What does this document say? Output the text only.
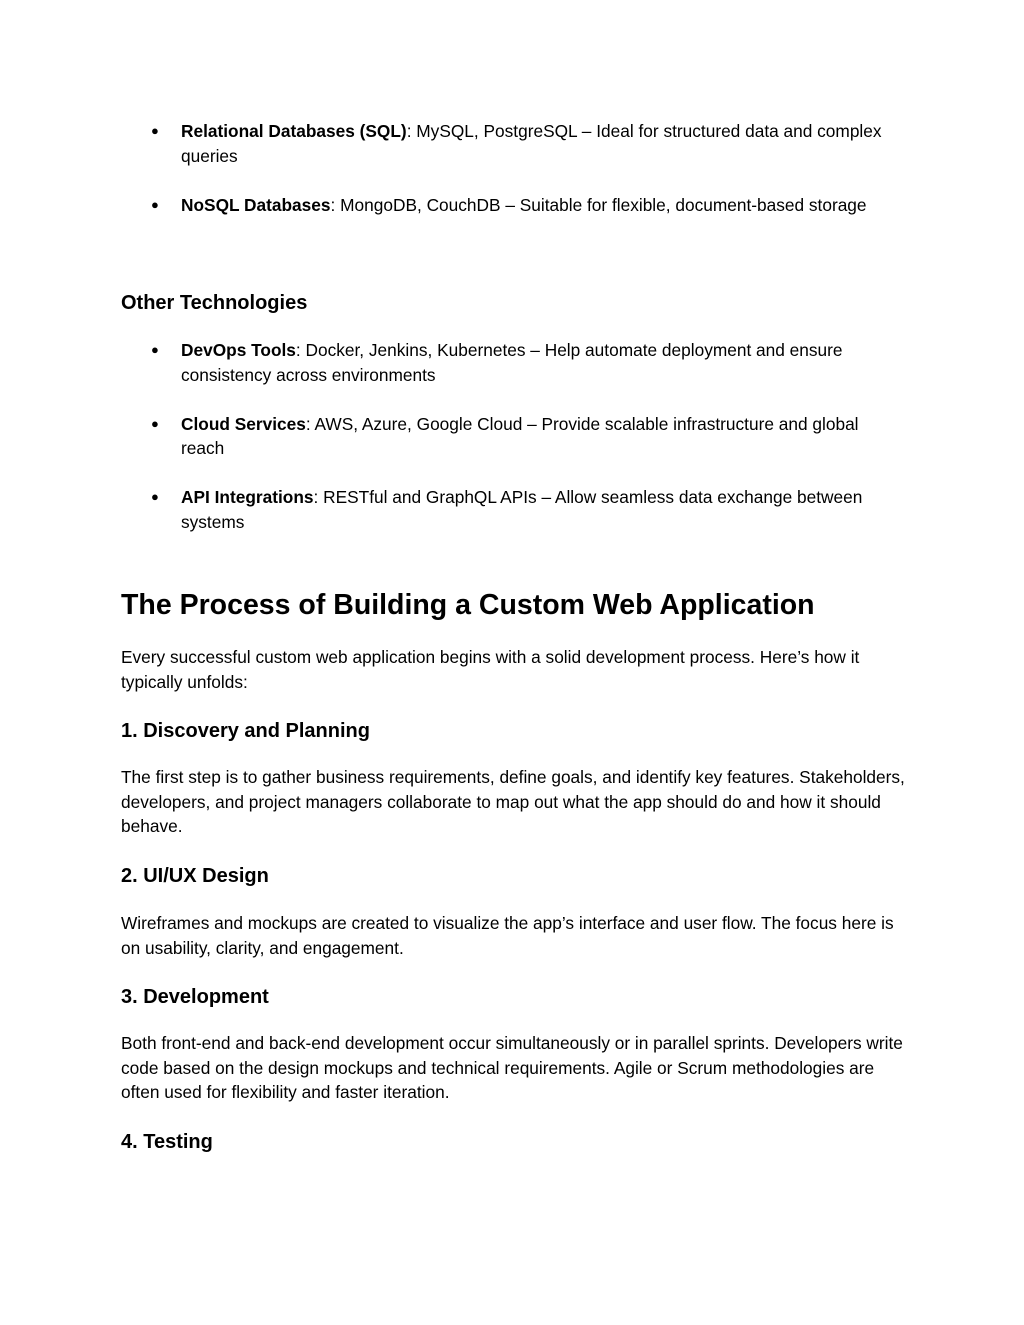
● Relational Databases (SQL): MySQL, PostgreSQL – Ideal for structured data and complex queries
● NoSQL Databases: MongoDB, CouchDB – Suitable for flexible, document-based storage
Other Technologies
● DevOps Tools: Docker, Jenkins, Kubernetes – Help automate deployment and ensure consistency across environments
● Cloud Services: AWS, Azure, Google Cloud – Provide scalable infrastructure and global reach
● API Integrations: RESTful and GraphQL APIs – Allow seamless data exchange between systems
The Process of Building a Custom Web Application

Every successful custom web application begins with a solid development process. Here’s how it typically unfolds:

1. Discovery and Planning

The first step is to gather business requirements, define goals, and identify key features. Stakeholders, developers, and project managers collaborate to map out what the app should do and how it should behave.

2. UI/UX Design

Wireframes and mockups are created to visualize the app’s interface and user flow. The focus here is on usability, clarity, and engagement.

3. Development

Both front-end and back-end development occur simultaneously or in parallel sprints. Developers write code based on the design mockups and technical requirements. Agile or Scrum methodologies are often used for flexibility and faster iteration.

4. Testing
